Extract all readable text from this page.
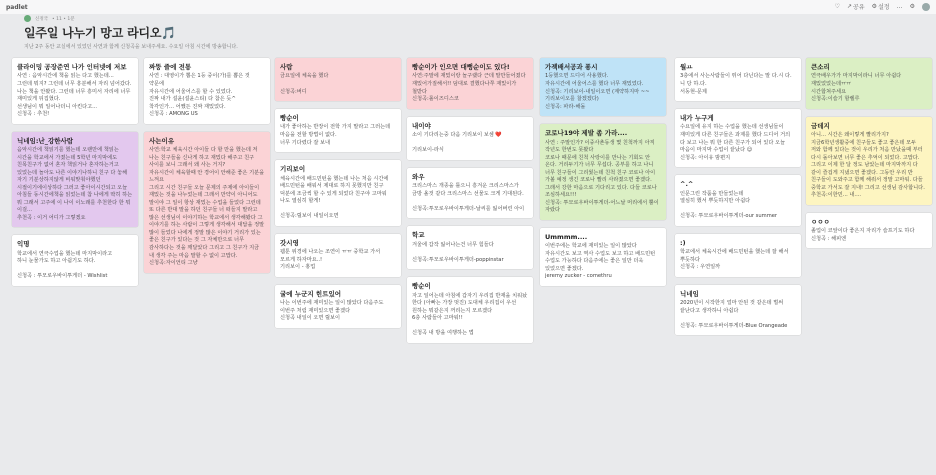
padlet	♡ ↗ 공유 ⚙ 설정 … ⚙
신정국 • 11 • 1분
일주일 나누기 망고 라디오🎵
지난 2주 동안 교실에서 있었던 사연과 함께 신청곡을 보내주세요. 수요일 아침 시간에 방송합니다.
클라이밍 공장준연 나가 인터넷에 저보
사연 : 음악시간에 책을 읽는 다고 했는데...
그런데 뭐지? 그런데 너무 흥분해서 자리 넘어갔다.
나는 책을 안봤다. 그런데 너무 흥미서 자리에 너무 재미있게 뒤집혔다.
선생님이 뭐 일어나더니 아킨다고...
신청곡 : 추천!
닉네임:난_강한사람
음악시간에 책읽기를 했는데 오랜만에 책읽는 시간을 학교에서 가졌는데 5학년 마지막에도 친목친구가 없어 혼자 책읽거나 혼자하는거고 있었는데 놀아도 나른 이야기나하니 친구 다 놓해 자기 기분상하지않게 비워맞춰야했던 시절이기에이상하다 그러고 좋아이시간되고 오늘 아침들 동시간에책을 읽었는데 참 나에게 딱히 하는 뭐 그래서 고주에 이 나이 이노래를 추천한다 한 뭐 이걸...
추천곡 : 이거 어디가 그렇겠요
익명
학교에서 연극수업을 했는데 마지막이라고
하니 눈물가도 하고 아쉽기도 하다.

신청곡 : 투모로우바이투게더 - Wishlist
짜뚱 즐에 전통
사연 : 대영이가 뽑은 1등 중이(가)를 뽑은 것 약문에
자유시간에 어울어스를 할 수 있었다.
진짜 내가 설윤(설윤스티) 다 참은 듯^
착각인가... 어쨌든 진짜 재밌었다.
신청곡 : AMONG US
사는이유
사연:학교 체육시간 아이들 다 할 만을 했는데 저 나는 친구들을 신나게 하고 재밌다 해주고 친구 사이를 보니 그래서 왜 사는 거지?
자유시간이 체육할때 안 경어이 안해준 좋은 기분을 느껴요
그리고 시간 친구들 오늘 문제의 주제에 아이들이 재밌는 것을 나누었는데 그래서 만약이 아니어도 말이야 그 일이 항상 재밌는 수업을 들었다 그런데 또 다른 반대 말을 하던 친구들 너 떠들지 말라고 많은 선생님이 이야기하는 학교에서 생각해봤다 그 이야기를 하는 사람이 그렇게 생각해서 대답을 정말 많이 들었다 나에게 정말 많은 이야기 거리가 있는 좋은 친구가 있다는 것 그 자체만으로 너무 감사하다는 것을 깨달았다 그리고 그 친구가 지금 내 생각 주는 마음 말할 수 없이 고맙다.
신청곡:자이언티 그냥
사람
금요일에 체육을 했다

신청곡:버디
빵순이
내가 좋아하는 반장이 전학 가지 말라고 그러는데 마음을 전할 방법이 없다.
너무 기다렸다 잘 보내
기리보이
체육시간에 배드민턴을 했는데 나는 처음 시간에 배드민턴을 배워서 제대로 하지 못했지만 친구 덕분에 조금씩 할 수 있게 되었다 친구야 고마워 나도 열심히 할게!

신청곡:릴보이 내일이오면
갓시영
웹툰 위경에 나오는 조연이 ㅠㅠ 중학교 가서 모르게 하자마요..!
기리보이 - 홍업
굴에 누군지 힌트있어
나는 이번주에 재미있는 일이 많았다 다음주도 이번주 처럼 재미있으면 좋겠다
신청곡 내일이 오면 릴보이
빵순이가 인으면 대뻥순이도 있다!
사연:주말에 재밌이랑 놀구랬다 근데 말만들어졌다 재밌어가질해서!! 덤대로 결했다나쭈 재밌이가 철받다
신청곡:롤이즈디스코
내이야
소이 기다리는중 다음 기리보이 보셈 ❤️

기리보이-라식
와우
크리스마스 개종을 틀으니 흥겨운 크리스마스가 금방 올것 같다 크리스마스 선물도 크게 기대된다.

신청곡:투모로우바이투게더-날씨를 잃어버린 아이
학교
겨울에 갑작 잃어나는건 너무 힘들다

신청곡:투모로우바이투게더-poppinstar
빵순이
자고 일어는데 아침에 갑자기 우리집 반재을 치워놨 한다 (아빠는 가장 멋진) 도대체 우리집이 우선 원하는 뭐같은지 꺼리는지 모르겠다
6층 사람들아 고마워!!

신청곡 내 방을 여행하는 법
가젝배서공과 퐁시
1등했으면 드디어 사용했다.
자유시간에 어울어스를 했다 너무 재밌었다.
신청곡: 기리보이-내일이오면 (계약하지마 ~~ 기리보이오를 찰겠겠다)
신청곡: 파라-해돌
코로나19야 제발 좀 가라....
사연 : 주말인가? 이중사촌동생 몇 친척까지 아직 작년도 한번도 못봤다
코로나 때문에 친척 사랑이를 만나는 기회도 안 온다. 거리두기가 너무 무섭다. 공부를 하고 나니 너무 친구들이 그리웠는데 친척 친구 코로나 아이 가볼 예정 생긴 코로나 빨리 사라졌으면 좋겠다.
그래서 강한 마음으로 기다리고 있다. 다들 코로나 조심하세요!!!
신청곡: 투모로우바이투게더-어느날 머리에서 뿔이 자랐다
Ummmm....
이번주에는 학교에 재미있는 일이 많았다 자유시간도 보고 역사 수업도 보고 하고 배드민턴 수업도 가능하다 다음주에는 좋은 일만 더욱 있었으면 좋겠다.
jeremy zucker - comethru
월ㅛ
3층에서 사는사람들이 뛰어 다닌다는 말 다.시 다.니 당 하.다.
서동현-문제
내가 누구게
수요일에 유지 하는 수업을 했는데 선생님들이 재미있게 다른 친구들은 과제를 했다 드디어 거의 다 보고 나는 뭐 한 다른 친구가 되어 있다 오늘 마음이 마지막 수업이 끝났다 😊
신청곡: 아이유 밤편지
^.^
인문그린 작품을 만들었는데
열심히 했서 뿌듯하지만 아쉽다

신청곡: 투모로우바이투게더-our summer
:)
학교에서 체육시간에 배드민턴을 했는데 잘 해서 뿌듯하다
신청곡 : 우연일까
닉네임
2020년이 시작한지 얼마 안된 것 같은데 벌써 끝난다고 생각하니 아쉽다

신청곡: 투모로우바이투게더-Blue Orangeade
큰소리
연극배우가가 마지막이라니 너무 아쉽다 재밌었었는데ㅠㅠ
시간합쳐주세요
신청곡:이슬기 할렐루
금데지
아니... 시간은 왜이렇게 빨리가지? 지금6학년생활중에 친구들도 좋고 좋은데 모두 저와 함께 있다는 것이 우리가 처음 만났을때 부터 다시 돌아보면 너무 좋은 추억이 되었다. 고맙다. 그리고 이제 한 달 정도 남았는데 마지막까지 다 같이 즐겁게 지냈으면 좋겠다. 그동안 우리 반 친구들이 도와주고 함께 해줘서 정말 고마워. 다들 중학교 가서도 잘 지내! 그리고 선생님 감사합니다. 추천곡:이한민... 내....
ㅇㅇㅇ
졸업이 코앞이다 좋은지 자리가 슬프기도 하다
신청곡 : 해피엔
